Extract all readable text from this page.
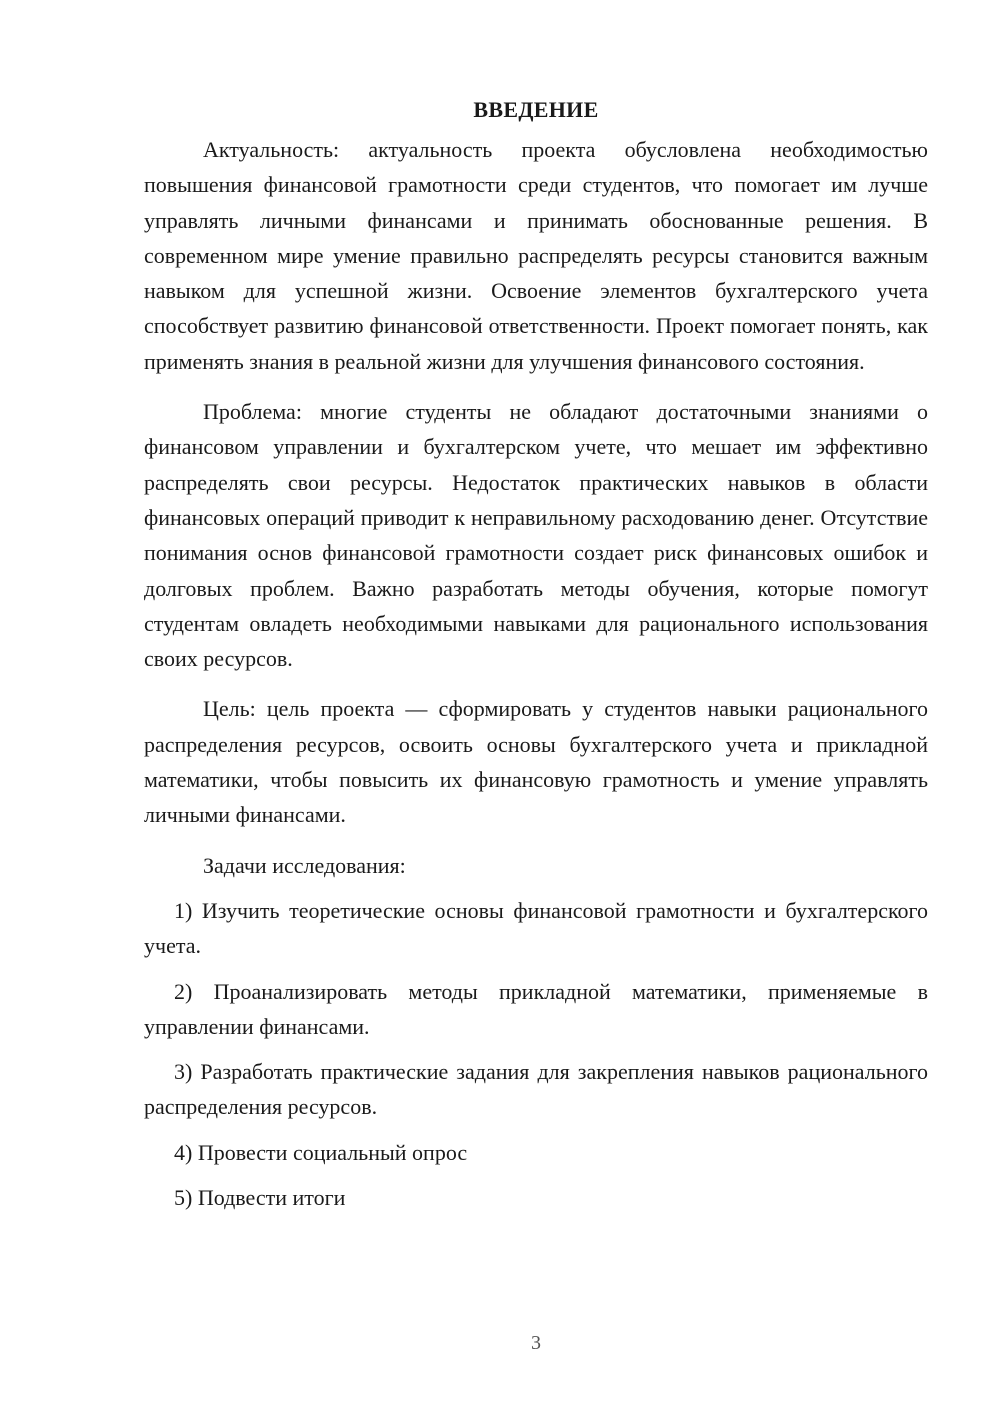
ВВЕДЕНИЕ

Актуальность: актуальность проекта обусловлена необходимостью повышения финансовой грамотности среди студентов, что помогает им лучше управлять личными финансами и принимать обоснованные решения. В современном мире умение правильно распределять ресурсы становится важным навыком для успешной жизни. Освоение элементов бухгалтерского учета способствует развитию финансовой ответственности. Проект помогает понять, как применять знания в реальной жизни для улучшения финансового состояния.

Проблема: многие студенты не обладают достаточными знаниями о финансовом управлении и бухгалтерском учете, что мешает им эффективно распределять свои ресурсы. Недостаток практических навыков в области финансовых операций приводит к неправильному расходованию денег. Отсутствие понимания основ финансовой грамотности создает риск финансовых ошибок и долговых проблем. Важно разработать методы обучения, которые помогут студентам овладеть необходимыми навыками для рационального использования своих ресурсов.

Цель: цель проекта — сформировать у студентов навыки рационального распределения ресурсов, освоить основы бухгалтерского учета и прикладной математики, чтобы повысить их финансовую грамотность и умение управлять личными финансами.

Задачи исследования:

1) Изучить теоретические основы финансовой грамотности и бухгалтерского учета.
2) Проанализировать методы прикладной математики, применяемые в управлении финансами.
3) Разработать практические задания для закрепления навыков рационального распределения ресурсов.
4) Провести социальный опрос
5) Подвести итоги
3
